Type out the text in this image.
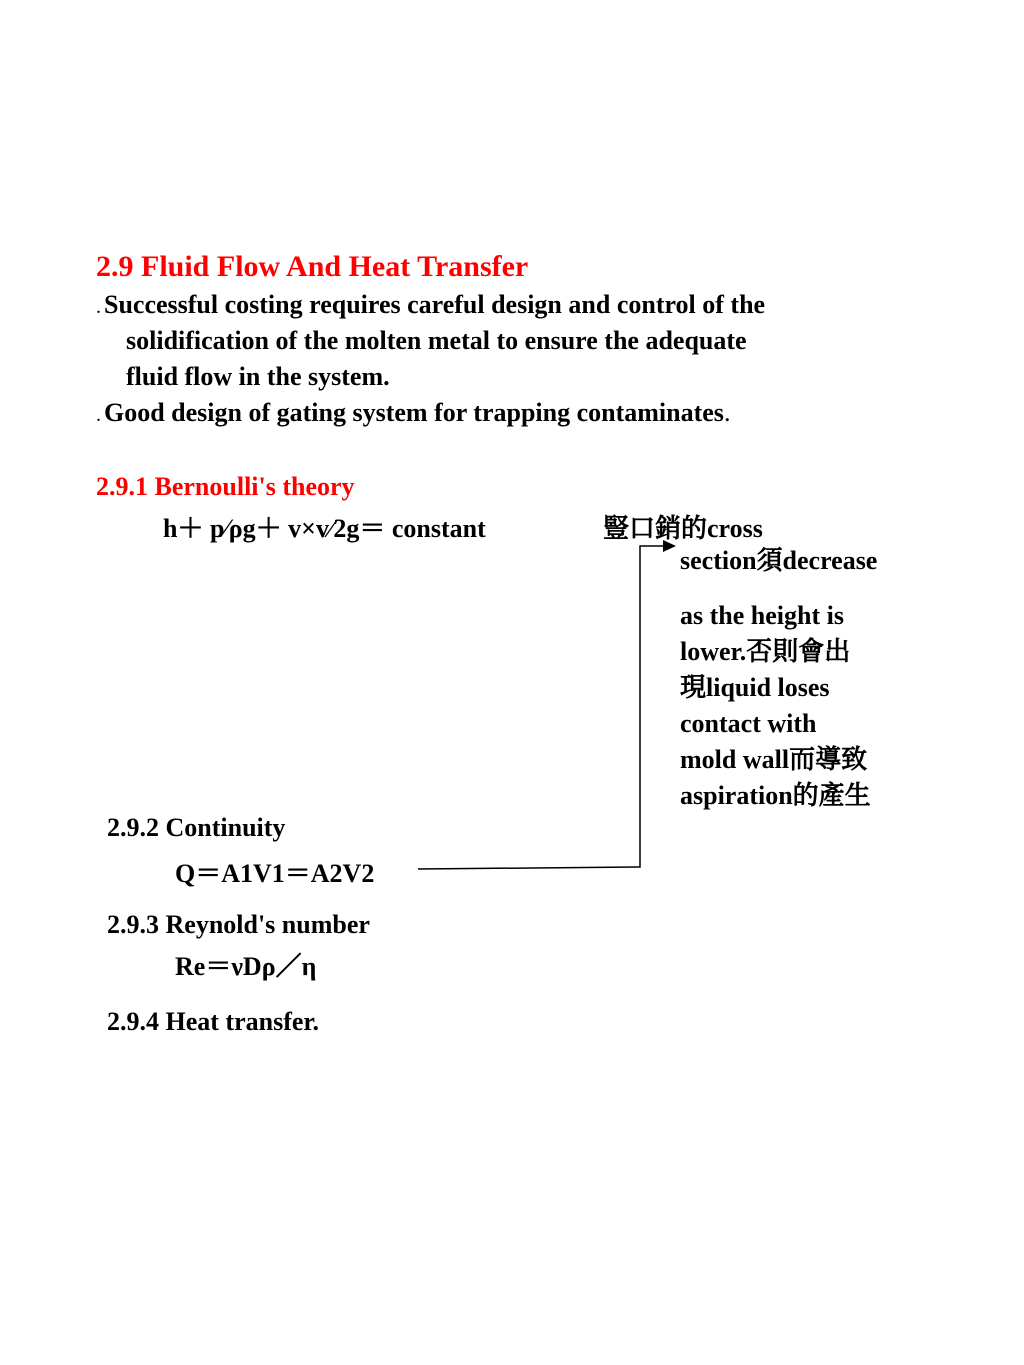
2.9 Fluid Flow And Heat Transfer
. Successful costing requires careful design and control of the
solidification of the molten metal to ensure the adequate
fluid flow in the system.
. Good design of gating system for trapping contaminates.
2.9.1 Bernoulli's theory
h＋ p⁄ρg＋ v×v⁄2g＝ constant	豎口銷的cross
section須decrease
as the height is
lower.否則會出
現liquid loses
contact with
mold wall而導致
aspiration的產生
2.9.2 Continuity
Q＝A1V1＝A2V2
2.9.3 Reynold's number
Re＝νDρ／η
2.9.4 Heat transfer.
